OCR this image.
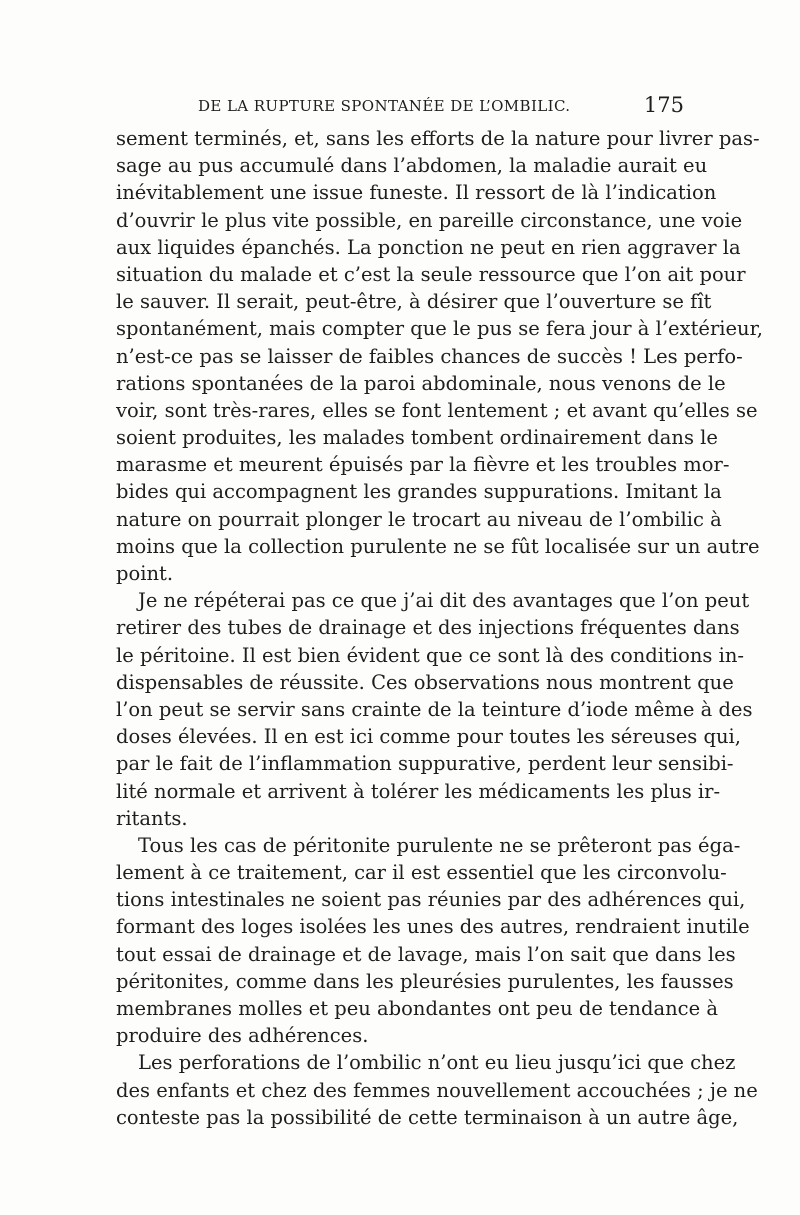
DE LA RUPTURE SPONTANÉE DE L’OMBILIC.	175
sement terminés, et, sans les efforts de la nature pour livrer pas-
sage au pus accumulé dans l’abdomen, la maladie aurait eu
inévitablement une issue funeste. Il ressort de là l’indication
d’ouvrir le plus vite possible, en pareille circonstance, une voie
aux liquides épanchés. La ponction ne peut en rien aggraver la
situation du malade et c’est la seule ressource que l’on ait pour
le sauver. Il serait, peut-être, à désirer que l’ouverture se fît
spontanément, mais compter que le pus se fera jour à l’extérieur,
n’est-ce pas se laisser de faibles chances de succès ! Les perfo-
rations spontanées de la paroi abdominale, nous venons de le
voir, sont très-rares, elles se font lentement ; et avant qu’elles se
soient produites, les malades tombent ordinairement dans le
marasme et meurent épuisés par la fièvre et les troubles mor-
bides qui accompagnent les grandes suppurations. Imitant la
nature on pourrait plonger le trocart au niveau de l’ombilic à
moins que la collection purulente ne se fût localisée sur un autre
point.
Je ne répéterai pas ce que j’ai dit des avantages que l’on peut
retirer des tubes de drainage et des injections fréquentes dans
le péritoine. Il est bien évident que ce sont là des conditions in-
dispensables de réussite. Ces observations nous montrent que
l’on peut se servir sans crainte de la teinture d’iode même à des
doses élevées. Il en est ici comme pour toutes les séreuses qui,
par le fait de l’inflammation suppurative, perdent leur sensibi-
lité normale et arrivent à tolérer les médicaments les plus ir-
ritants.
Tous les cas de péritonite purulente ne se prêteront pas éga-
lement à ce traitement, car il est essentiel que les circonvolu-
tions intestinales ne soient pas réunies par des adhérences qui,
formant des loges isolées les unes des autres, rendraient inutile
tout essai de drainage et de lavage, mais l’on sait que dans les
péritonites, comme dans les pleurésies purulentes, les fausses
membranes molles et peu abondantes ont peu de tendance à
produire des adhérences.
Les perforations de l’ombilic n’ont eu lieu jusqu’ici que chez
des enfants et chez des femmes nouvellement accouchées ; je ne
conteste pas la possibilité de cette terminaison à un autre âge,
